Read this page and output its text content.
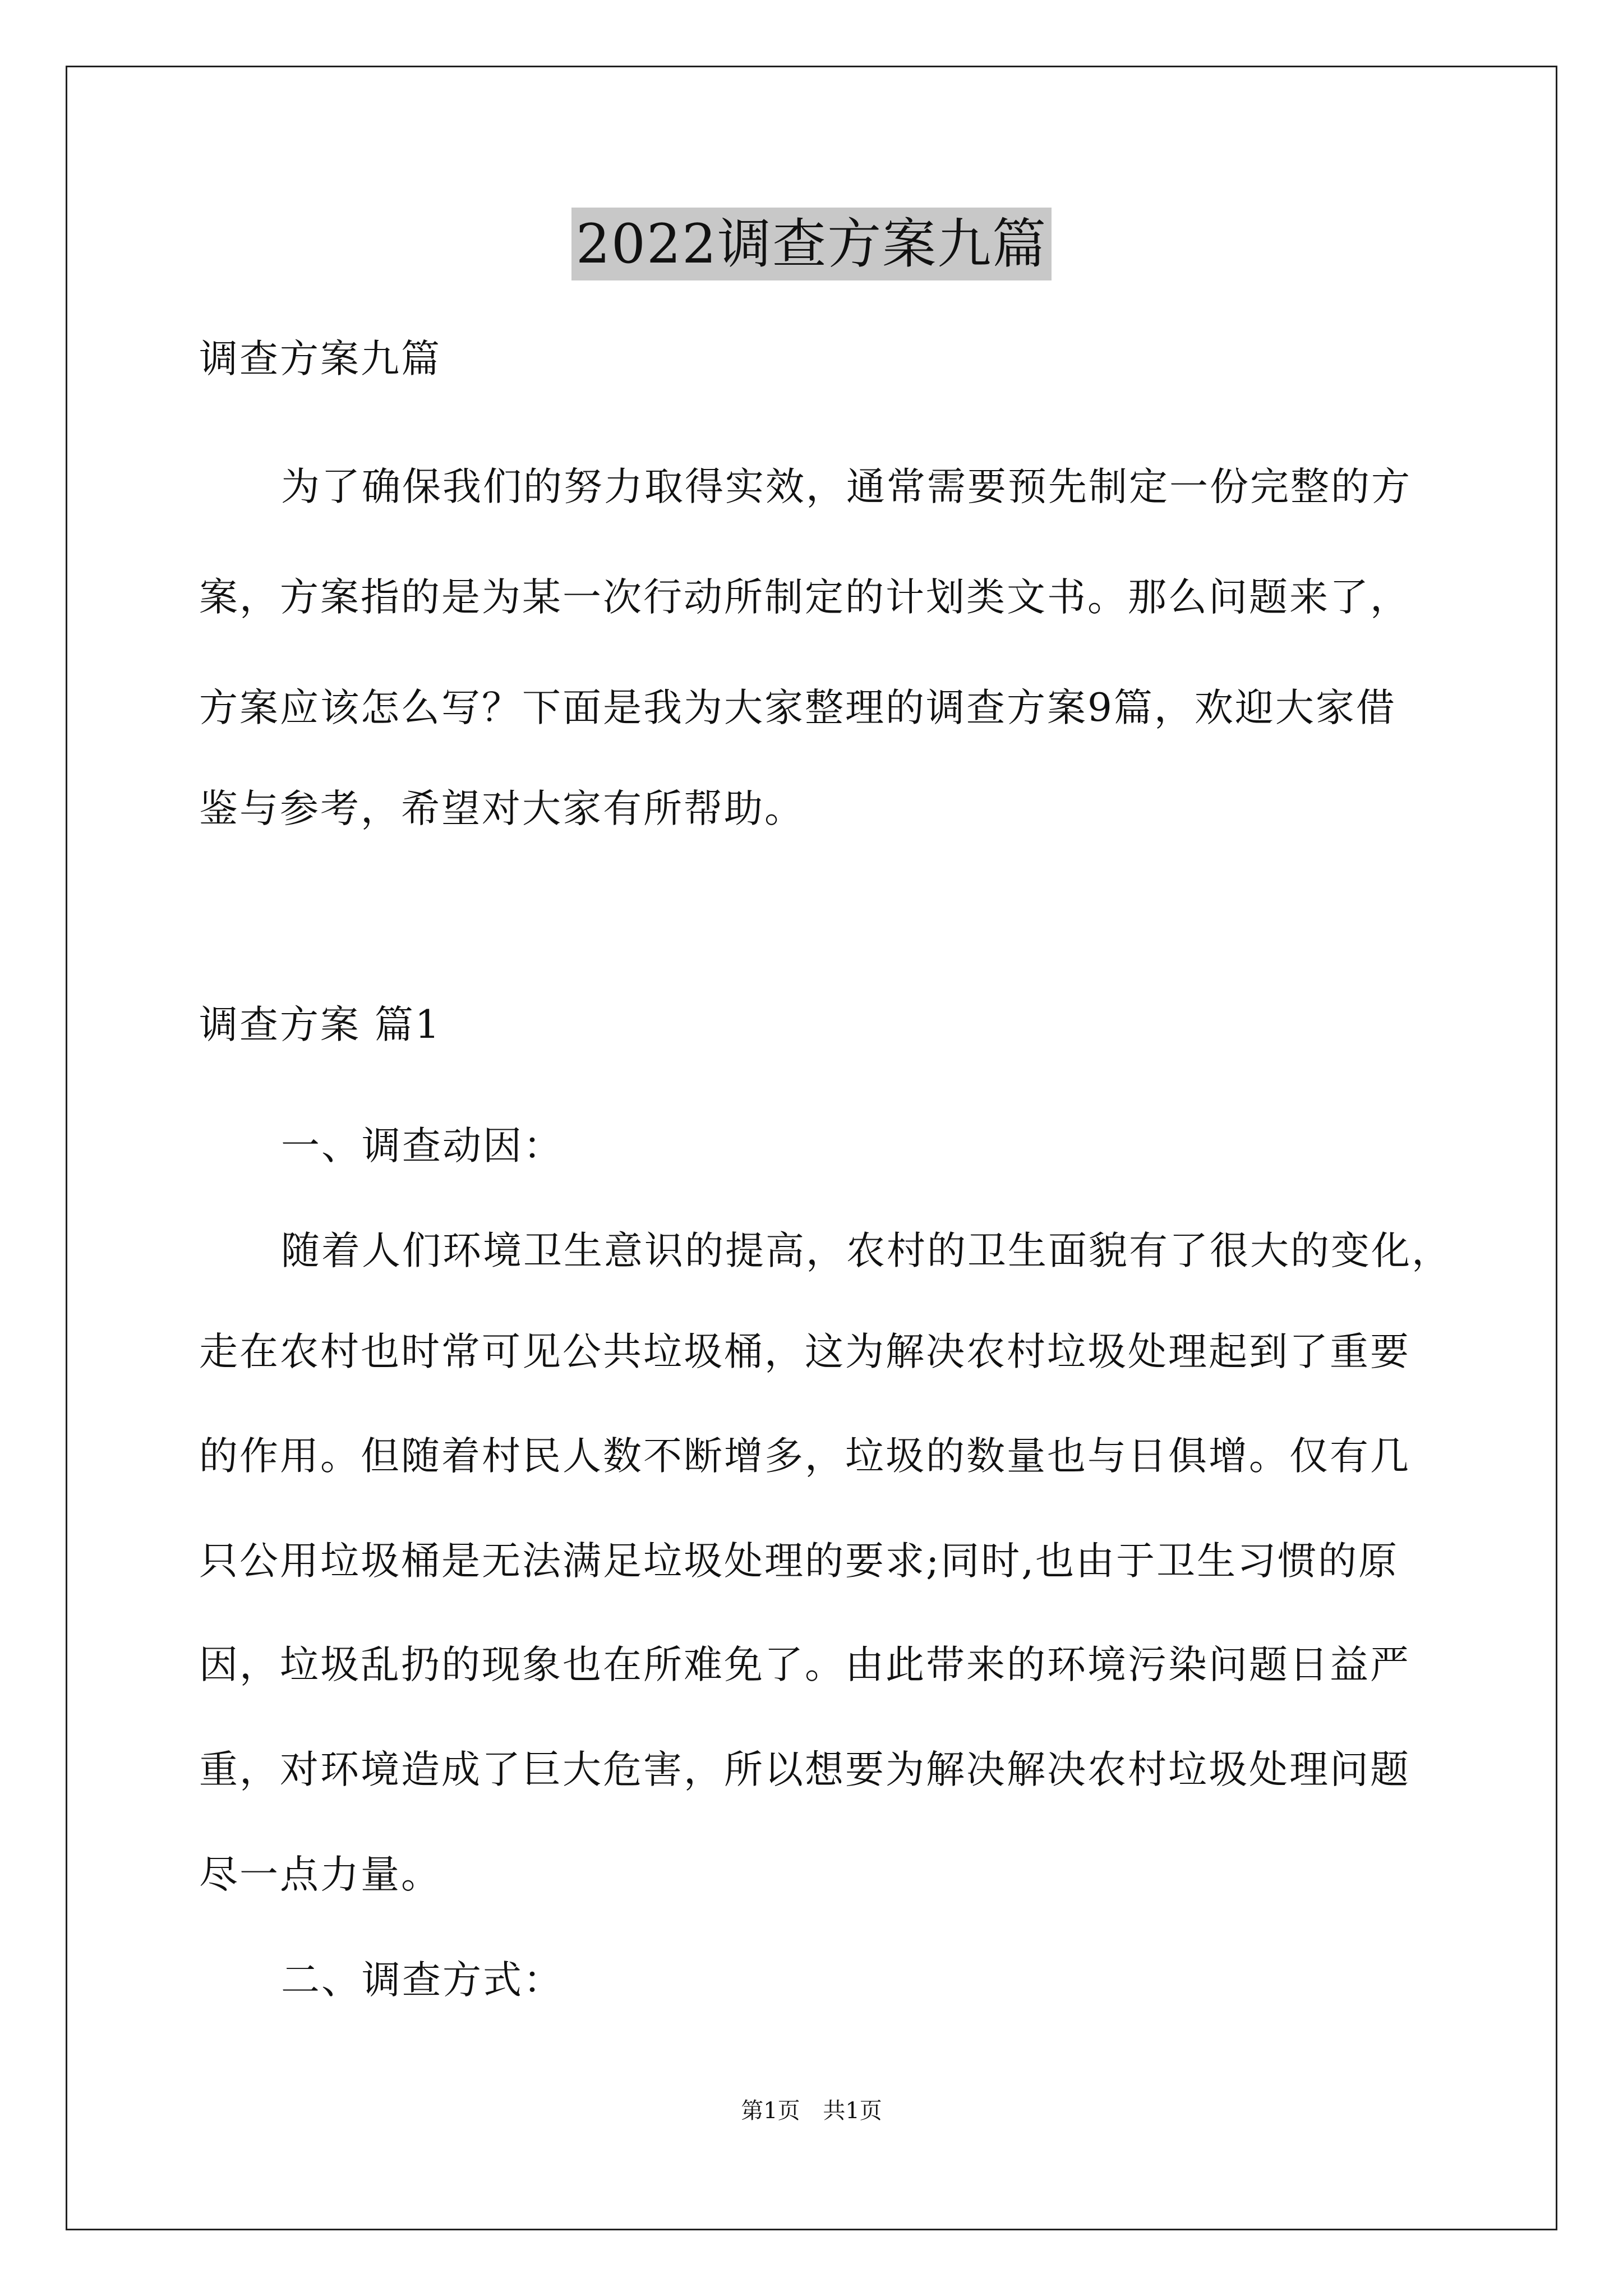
2022调查方案九篇
调查方案九篇
为了确保我们的努力取得实效，通常需要预先制定一份完整的方
案，方案指的是为某一次行动所制定的计划类文书。那么问题来了，
方案应该怎么写？下面是我为大家整理的调查方案9篇，欢迎大家借
鉴与参考，希望对大家有所帮助。
调查方案 篇1
一、调查动因：
随着人们环境卫生意识的提高，农村的卫生面貌有了很大的变化，
走在农村也时常可见公共垃圾桶，这为解决农村垃圾处理起到了重要
的作用。但随着村民人数不断增多，垃圾的数量也与日俱增。仅有几
只公用垃圾桶是无法满足垃圾处理的要求;同时,也由于卫生习惯的原
因，垃圾乱扔的现象也在所难免了。由此带来的环境污染问题日益严
重，对环境造成了巨大危害，所以想要为解决解决农村垃圾处理问题
尽一点力量。
二、调查方式：
第1页 共1页
